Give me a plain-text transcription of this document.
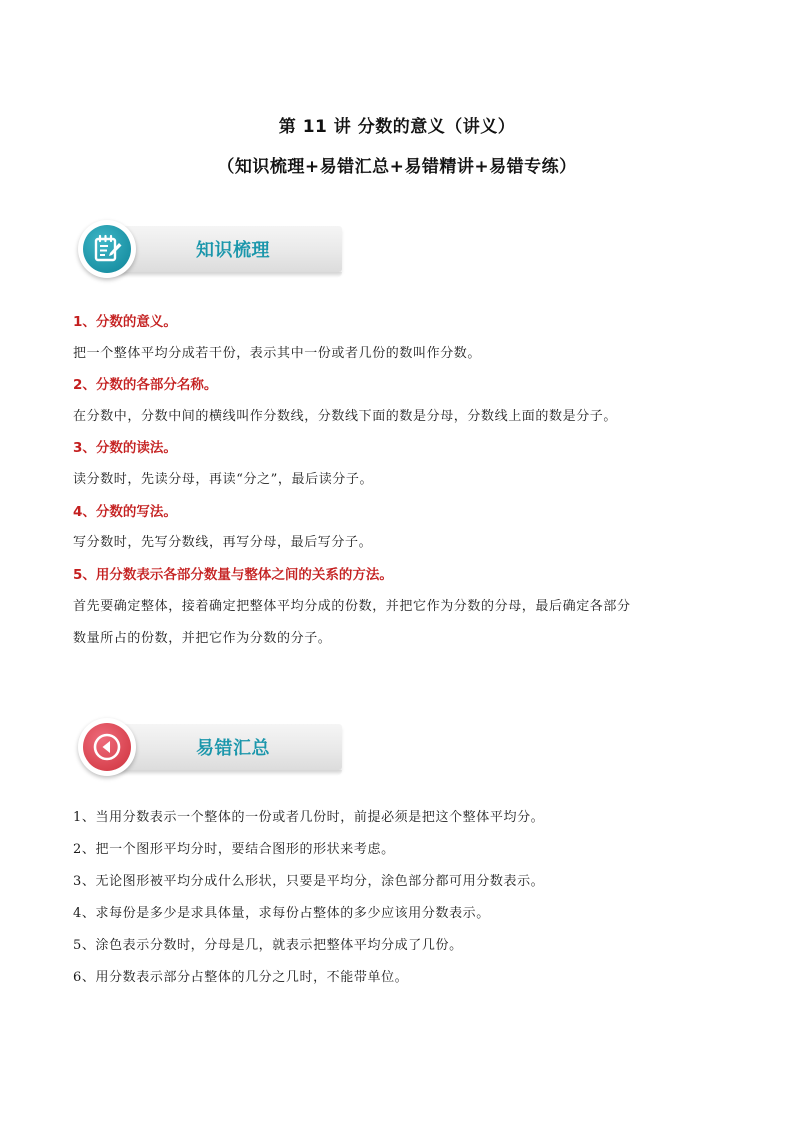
第 11 讲 分数的意义（讲义）
（知识梳理+易错汇总+易错精讲+易错专练）
知识梳理

1、分数的意义。

把一个整体平均分成若干份，表示其中一份或者几份的数叫作分数。

2、分数的各部分名称。

在分数中，分数中间的横线叫作分数线，分数线下面的数是分母，分数线上面的数是分子。

3、分数的读法。

读分数时，先读分母，再读“分之”，最后读分子。

4、分数的写法。

写分数时，先写分数线，再写分母，最后写分子。

5、用分数表示各部分数量与整体之间的关系的方法。

首先要确定整体，接着确定把整体平均分成的份数，并把它作为分数的分母，最后确定各部分

数量所占的份数，并把它作为分数的分子。

易错汇总

1、当用分数表示一个整体的一份或者几份时，前提必须是把这个整体平均分。

2、把一个图形平均分时，要结合图形的形状来考虑。

3、无论图形被平均分成什么形状，只要是平均分，涂色部分都可用分数表示。

4、求每份是多少是求具体量，求每份占整体的多少应该用分数表示。

5、涂色表示分数时，分母是几，就表示把整体平均分成了几份。

6、用分数表示部分占整体的几分之几时，不能带单位。
